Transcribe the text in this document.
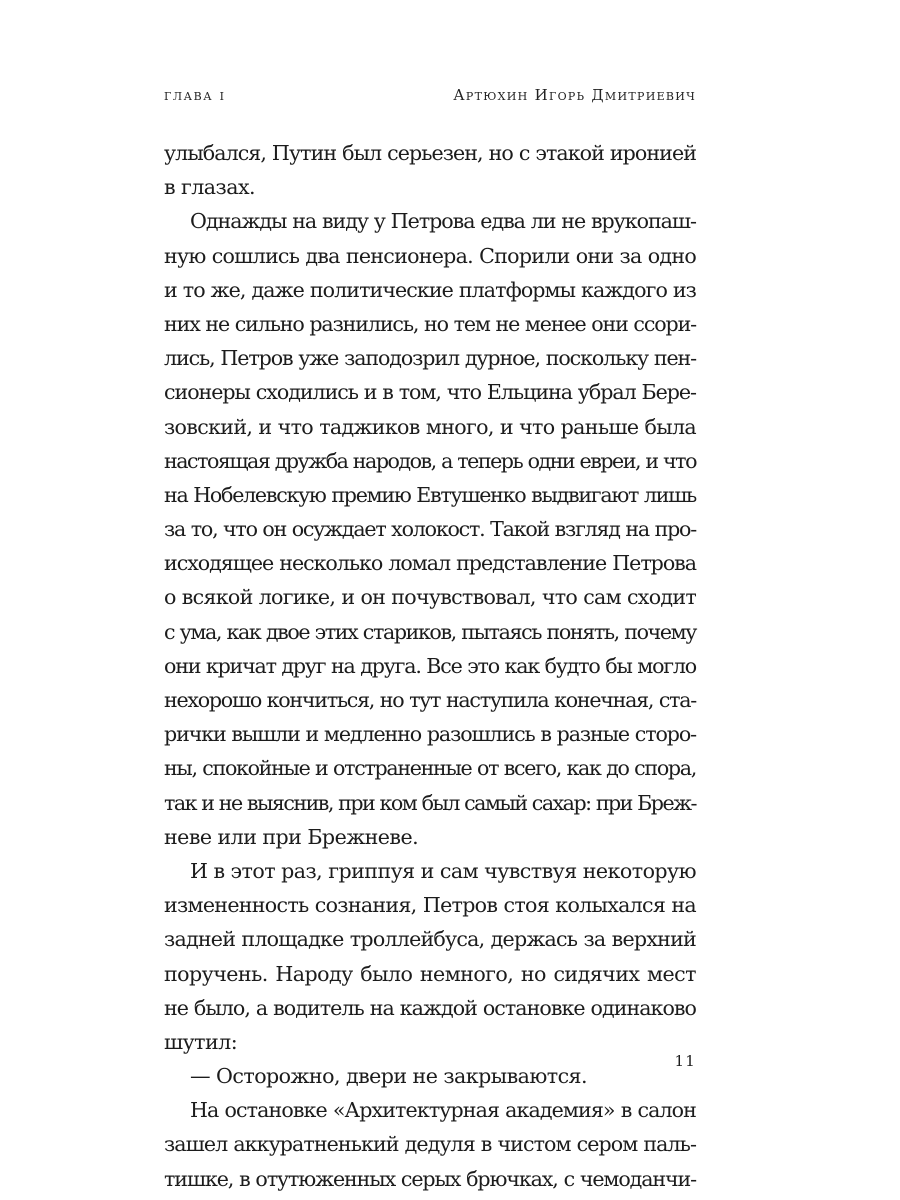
глава i	Артюхин Игорь Дмитриевич
улыбался, Путин был серьезен, но с этакой иронией
в глазах.
Однажды на виду у Петрова едва ли не врукопаш-
ную сошлись два пенсионера. Спорили они за одно
и то же, даже политические платформы каждого из
них не сильно разнились, но тем не менее они ссори-
лись, Петров уже заподозрил дурное, поскольку пен-
сионеры сходились и в том, что Ельцина убрал Бере-
зовский, и что таджиков много, и что раньше была
настоящая дружба народов, а теперь одни евреи, и что
на Нобелевскую премию Евтушенко выдвигают лишь
за то, что он осуждает холокост. Такой взгляд на про-
исходящее несколько ломал представление Петрова
о всякой логике, и он почувствовал, что сам сходит
с ума, как двое этих стариков, пытаясь понять, почему
они кричат друг на друга. Все это как будто бы могло
нехорошо кончиться, но тут наступила конечная, ста-
рички вышли и медленно разошлись в разные сторо-
ны, спокойные и отстраненные от всего, как до спора,
так и не выяснив, при ком был самый сахар: при Бреж-
неве или при Брежневе.
И в этот раз, гриппуя и сам чувствуя некоторую
измененность сознания, Петров стоя колыхался на
задней площадке троллейбуса, держась за верхний
поручень. Народу было немного, но сидячих мест
не было, а водитель на каждой остановке одинаково
шутил:
— Осторожно, двери не закрываются.
На остановке «Архитектурная академия» в салон
зашел аккуратненький дедуля в чистом сером паль-
тишке, в отутюженных серых брючках, с чемоданчи-
11
